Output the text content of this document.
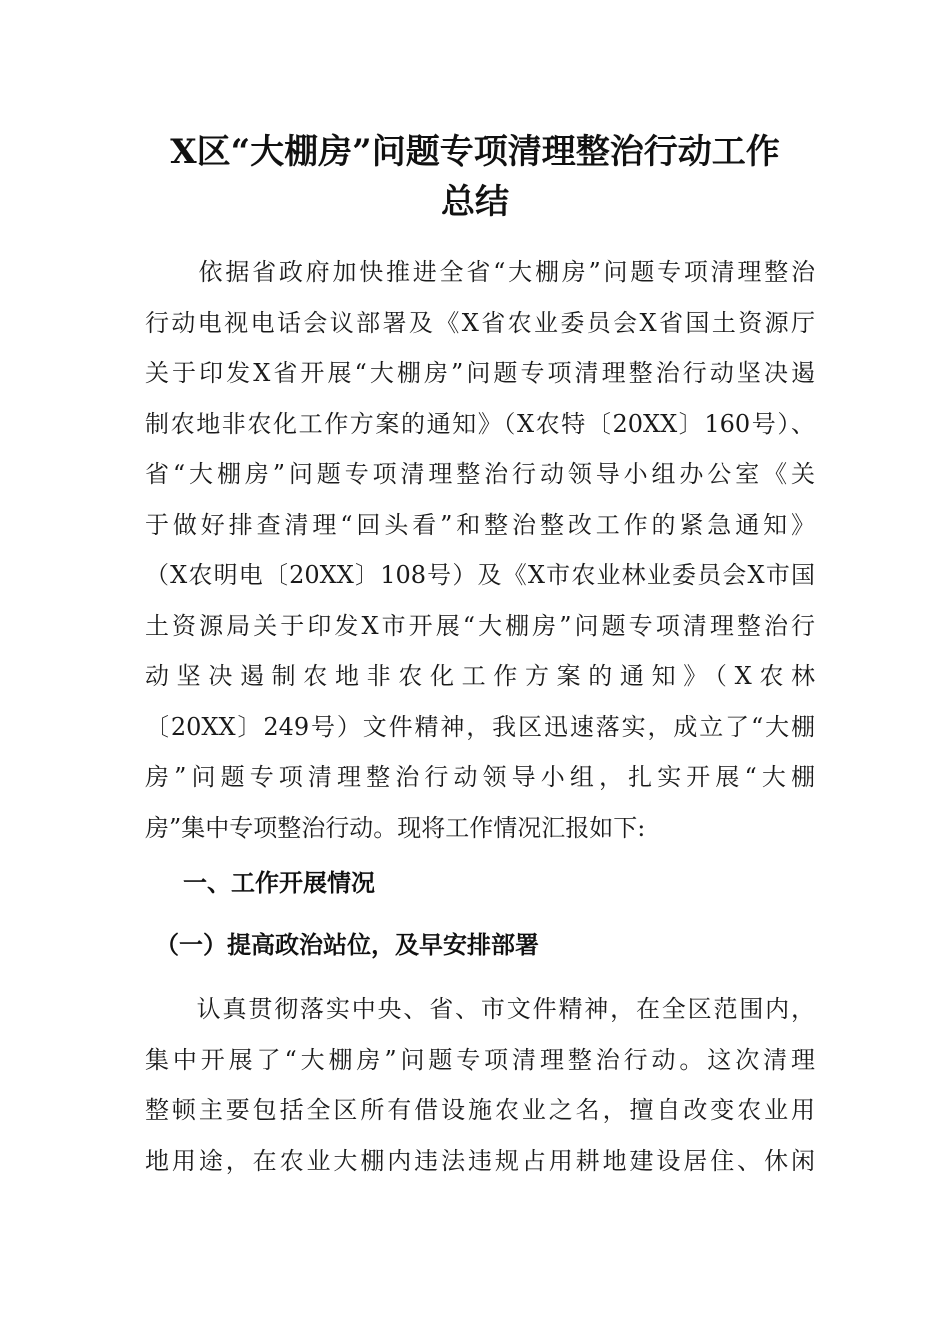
X区“大棚房”问题专项清理整治行动工作
总结
　　依据省政府加快推进全省“大棚房”问题专项清理整治
行动电视电话会议部署及《X省农业委员会X省国土资源厅
关于印发X省开展“大棚房”问题专项清理整治行动坚决遏
制农地非农化工作方案的通知》（X农特〔20XX〕160号）、
省“大棚房”问题专项清理整治行动领导小组办公室《关
于做好排查清理“回头看”和整治整改工作的紧急通知》
（X农明电〔20XX〕108号）及《X市农业林业委员会X市国
土资源局关于印发X市开展“大棚房”问题专项清理整治行
动坚决遏制农地非农化工作方案的通知》（X农林
〔20XX〕249号）文件精神，我区迅速落实，成立了“大棚
房”问题专项清理整治行动领导小组，扎实开展“大棚
房”集中专项整治行动。现将工作情况汇报如下:
一、工作开展情况
（一）提高政治站位，及早安排部署
　　认真贯彻落实中央、省、市文件精神，在全区范围内，
集中开展了“大棚房”问题专项清理整治行动。这次清理
整顿主要包括全区所有借设施农业之名，擅自改变农业用
地用途，在农业大棚内违法违规占用耕地建设居住、休闲
